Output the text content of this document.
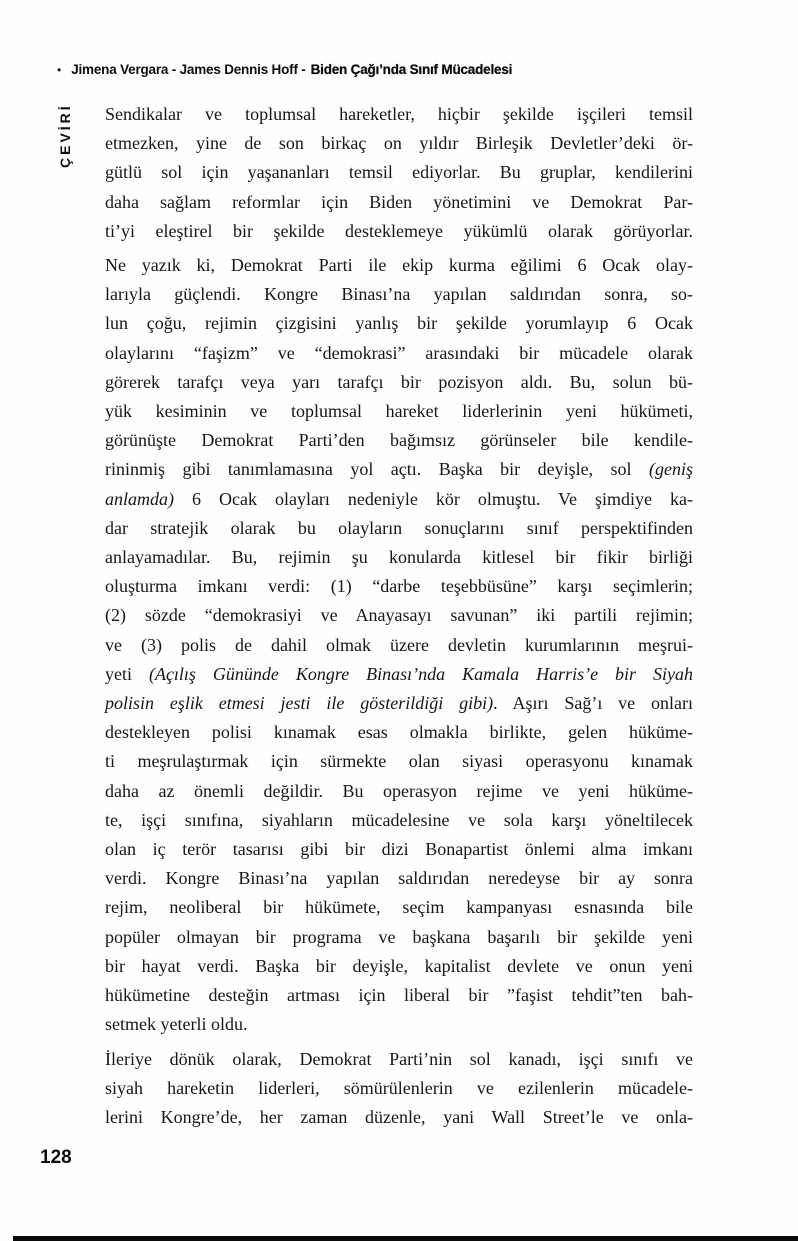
• Jimena Vergara - James Dennis Hoff - Biden Çağı’nda Sınıf Mücadelesi
ÇEVİRİ Sendikalar ve toplumsal hareketler, hiçbir şekilde işçileri temsil
etmezken, yine de son birkaç on yıldır Birleşik Devletler’deki ör-
gütlü sol için yaşananları temsil ediyorlar. Bu gruplar, kendilerini
daha sağlam reformlar için Biden yönetimini ve Demokrat Par-
ti’yi eleştirel bir şekilde desteklemeye yükümlü olarak görüyorlar.

Ne yazık ki, Demokrat Parti ile ekip kurma eğilimi 6 Ocak olay-
larıyla güçlendi. Kongre Binası’na yapılan saldırıdan sonra, so-
lun çoğu, rejimin çizgisini yanlış bir şekilde yorumlayıp 6 Ocak
olaylarını “faşizm” ve “demokrasi” arasındaki bir mücadele olarak
görerek tarafçı veya yarı tarafçı bir pozisyon aldı. Bu, solun bü-
yük kesiminin ve toplumsal hareket liderlerinin yeni hükümeti,
görünüşte Demokrat Parti’den bağımsız görünseler bile kendile-
rininmiş gibi tanımlamasına yol açtı. Başka bir deyişle, sol (geniş
anlamda) 6 Ocak olayları nedeniyle kör olmuştu. Ve şimdiye ka-
dar stratejik olarak bu olayların sonuçlarını sınıf perspektifinden
anlayamadılar. Bu, rejimin şu konularda kitlesel bir fikir birliği
oluşturma imkanı verdi: (1) “darbe teşebbüsüne” karşı seçimlerin;
(2) sözde “demokrasiyi ve Anayasayı savunan” iki partili rejimin;
ve (3) polis de dahil olmak üzere devletin kurumlarının meşrui-
yeti (Açılış Gününde Kongre Binası’nda Kamala Harris’e bir Siyah
polisin eşlik etmesi jesti ile gösterildiği gibi). Aşırı Sağ’ı ve onları
destekleyen polisi kınamak esas olmakla birlikte, gelen hüküme-
ti meşrulaştırmak için sürmekte olan siyasi operasyonu kınamak
daha az önemli değildir. Bu operasyon rejime ve yeni hüküme-
te, işçi sınıfına, siyahların mücadelesine ve sola karşı yöneltilecek
olan iç terör tasarısı gibi bir dizi Bonapartist önlemi alma imkanı
verdi. Kongre Binası’na yapılan saldırıdan neredeyse bir ay sonra
rejim, neoliberal bir hükümete, seçim kampanyası esnasında bile
popüler olmayan bir programa ve başkana başarılı bir şekilde yeni
bir hayat verdi. Başka bir deyişle, kapitalist devlete ve onun yeni
hükümetine desteğin artması için liberal bir ”faşist tehdit”ten bah-
setmek yeterli oldu.

İleriye dönük olarak, Demokrat Parti’nin sol kanadı, işçi sınıfı ve
siyah hareketin liderleri, sömürülenlerin ve ezilenlerin mücadele-
lerini Kongre’de, her zaman düzenle, yani Wall Street’le ve onla-

128
